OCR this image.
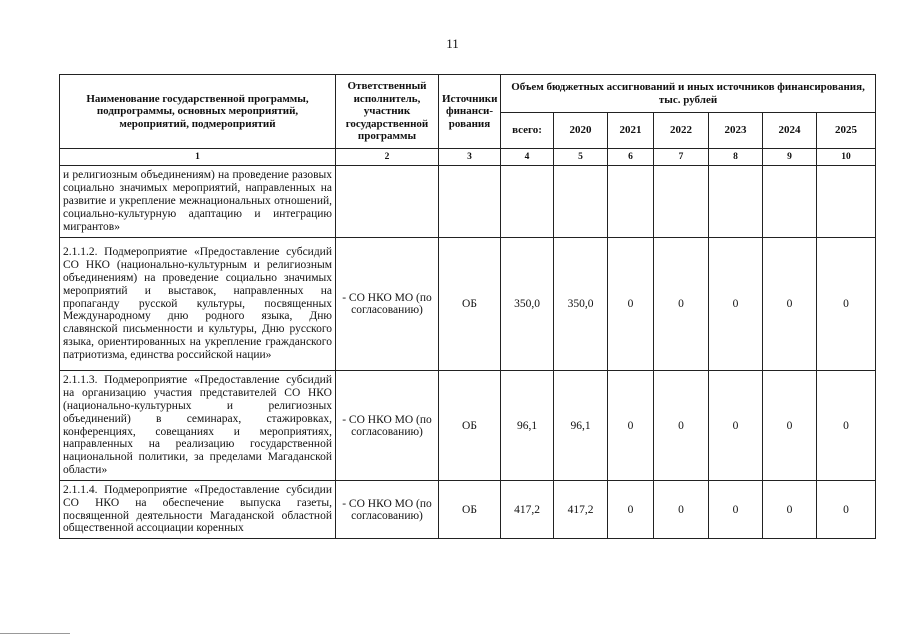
11
Наименование государственной программы, подпрограммы, основных мероприятий, мероприятий, подмероприятий	Ответственный исполнитель, участник государственной программы	Источники финанси-рования	Объем бюджетных ассигнований и иных источников финансирования, тыс. рублей						
			всего:	2020	2021	2022	2023	2024	2025
1	2	3	4	5	6	7	8	9	10
и религиозным объединениям) на проведение разовых социально значимых мероприятий, направленных на развитие и укрепление межнациональных отношений, социально-культурную адаптацию и интеграцию мигрантов»									
2.1.1.2. Подмероприятие «Предоставление субсидий СО НКО (национально-культурным и религиозным объединениям) на проведение социально значимых мероприятий и выставок, направленных на пропаганду русской культуры, посвященных Международному дню родного языка, Дню славянской письменности и культуры, Дню русского языка, ориентированных на укрепление гражданского патриотизма, единства российской нации»	- СО НКО МО (по согласованию)	ОБ	350,0	350,0	0	0	0	0	0
2.1.1.3. Подмероприятие «Предоставление субсидий на организацию участия представителей СО НКО (национально-культурных и религиозных объединений) в семинарах, стажировках, конференциях, совещаниях и мероприятиях, направленных на реализацию государственной национальной политики, за пределами Магаданской области»	- СО НКО МО (по согласованию)	ОБ	96,1	96,1	0	0	0	0	0
2.1.1.4. Подмероприятие «Предоставление субсидии СО НКО на обеспечение выпуска газеты, посвященной деятельности Магаданской областной общественной ассоциации коренных	- СО НКО МО (по согласованию)	ОБ	417,2	417,2	0	0	0	0	0
